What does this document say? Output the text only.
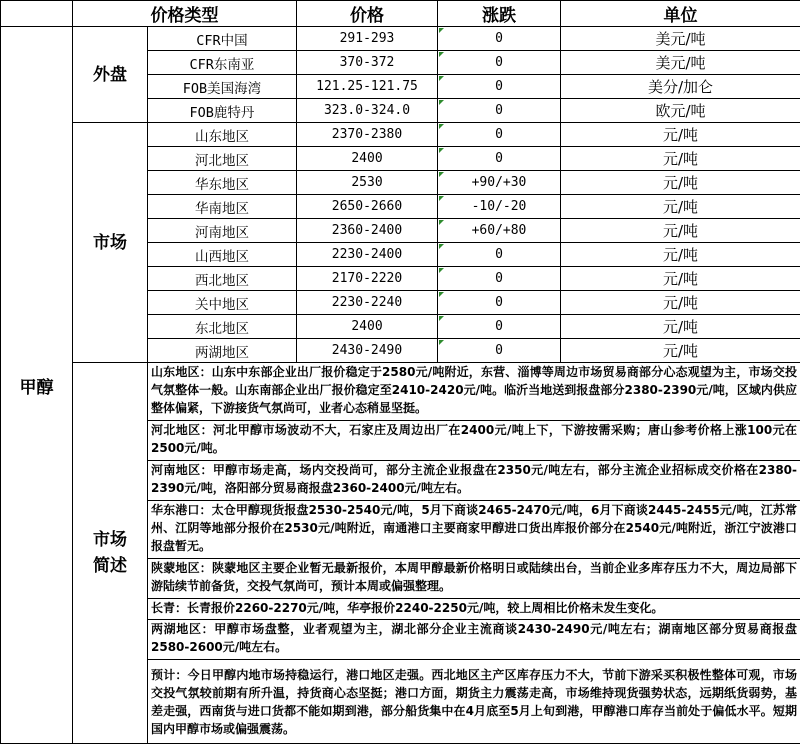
	价格类型		价格	涨跌	单位
甲醇	外盘	CFR中国	291-293	0	美元/吨
		CFR东南亚	370-372	0	美元/吨
		FOB美国海湾	121.25-121.75	0	美分/加仑
		FOB鹿特丹	323.0-324.0	0	欧元/吨
	市场	山东地区	2370-2380	0	元/吨
		河北地区	2400	0	元/吨
		华东地区	2530	+90/+30	元/吨
		华南地区	2650-2660	-10/-20	元/吨
		河南地区	2360-2400	+60/+80	元/吨
		山西地区	2230-2400	0	元/吨
		西北地区	2170-2220	0	元/吨
		关中地区	2230-2240	0	元/吨
		东北地区	2400	0	元/吨
		两湖地区	2430-2490	0	元/吨

	市场简述	山东地区：山东中东部企业出厂报价稳定于2580元/吨附近，东营、淄博等周边市场贸易商部分心态观望为主，市场交投气氛整体一般。山东南部企业出厂报价稳定至2410-2420元/吨。临沂当地送到报盘部分2380-2390元/吨，区域内供应整体偏紧，下游接货气氛尚可，业者心态稍显坚挺。			
		河北地区：河北甲醇市场波动不大，石家庄及周边出厂在2400元/吨上下，下游按需采购；唐山参考价格上涨100元在2500元/吨。			
		河南地区：甲醇市场走高，场内交投尚可，部分主流企业报盘在2350元/吨左右，部分主流企业招标成交价格在2380-2390元/吨，洛阳部分贸易商报盘2360-2400元/吨左右。			
		华东港口：太仓甲醇现货报盘2530-2540元/吨，5月下商谈2465-2470元/吨，6月下商谈2445-2455元/吨，江苏常州、江阴等地部分报价在2530元/吨附近，南通港口主要商家甲醇进口货出库报价部分在2540元/吨附近，浙江宁波港口报盘暂无。			
		陕蒙地区：陕蒙地区主要企业暂无最新报价，本周甲醇最新价格明日或陆续出台，当前企业多库存压力不大，周边局部下游陆续节前备货，交投气氛尚可，预计本周或偏强整理。			
		长青：长青报价2260-2270元/吨，华亭报价2240-2250元/吨，较上周相比价格未发生变化。			
		两湖地区：甲醇市场盘整，业者观望为主，湖北部分企业主流商谈2430-2490元/吨左右；湖南地区部分贸易商报盘2580-2600元/吨左右。			
		预计：今日甲醇内地市场持稳运行，港口地区走强。西北地区主产区库存压力不大，节前下游采买积极性整体可观，市场交投气氛较前期有所升温，持货商心态坚挺；港口方面，期货主力震荡走高，市场维持现货强势状态，远期纸货弱势，基差走强，西南货与进口货都不能如期到港，部分船货集中在4月底至5月上旬到港，甲醇港口库存当前处于偏低水平。短期国内甲醇市场或偏强震荡。			
